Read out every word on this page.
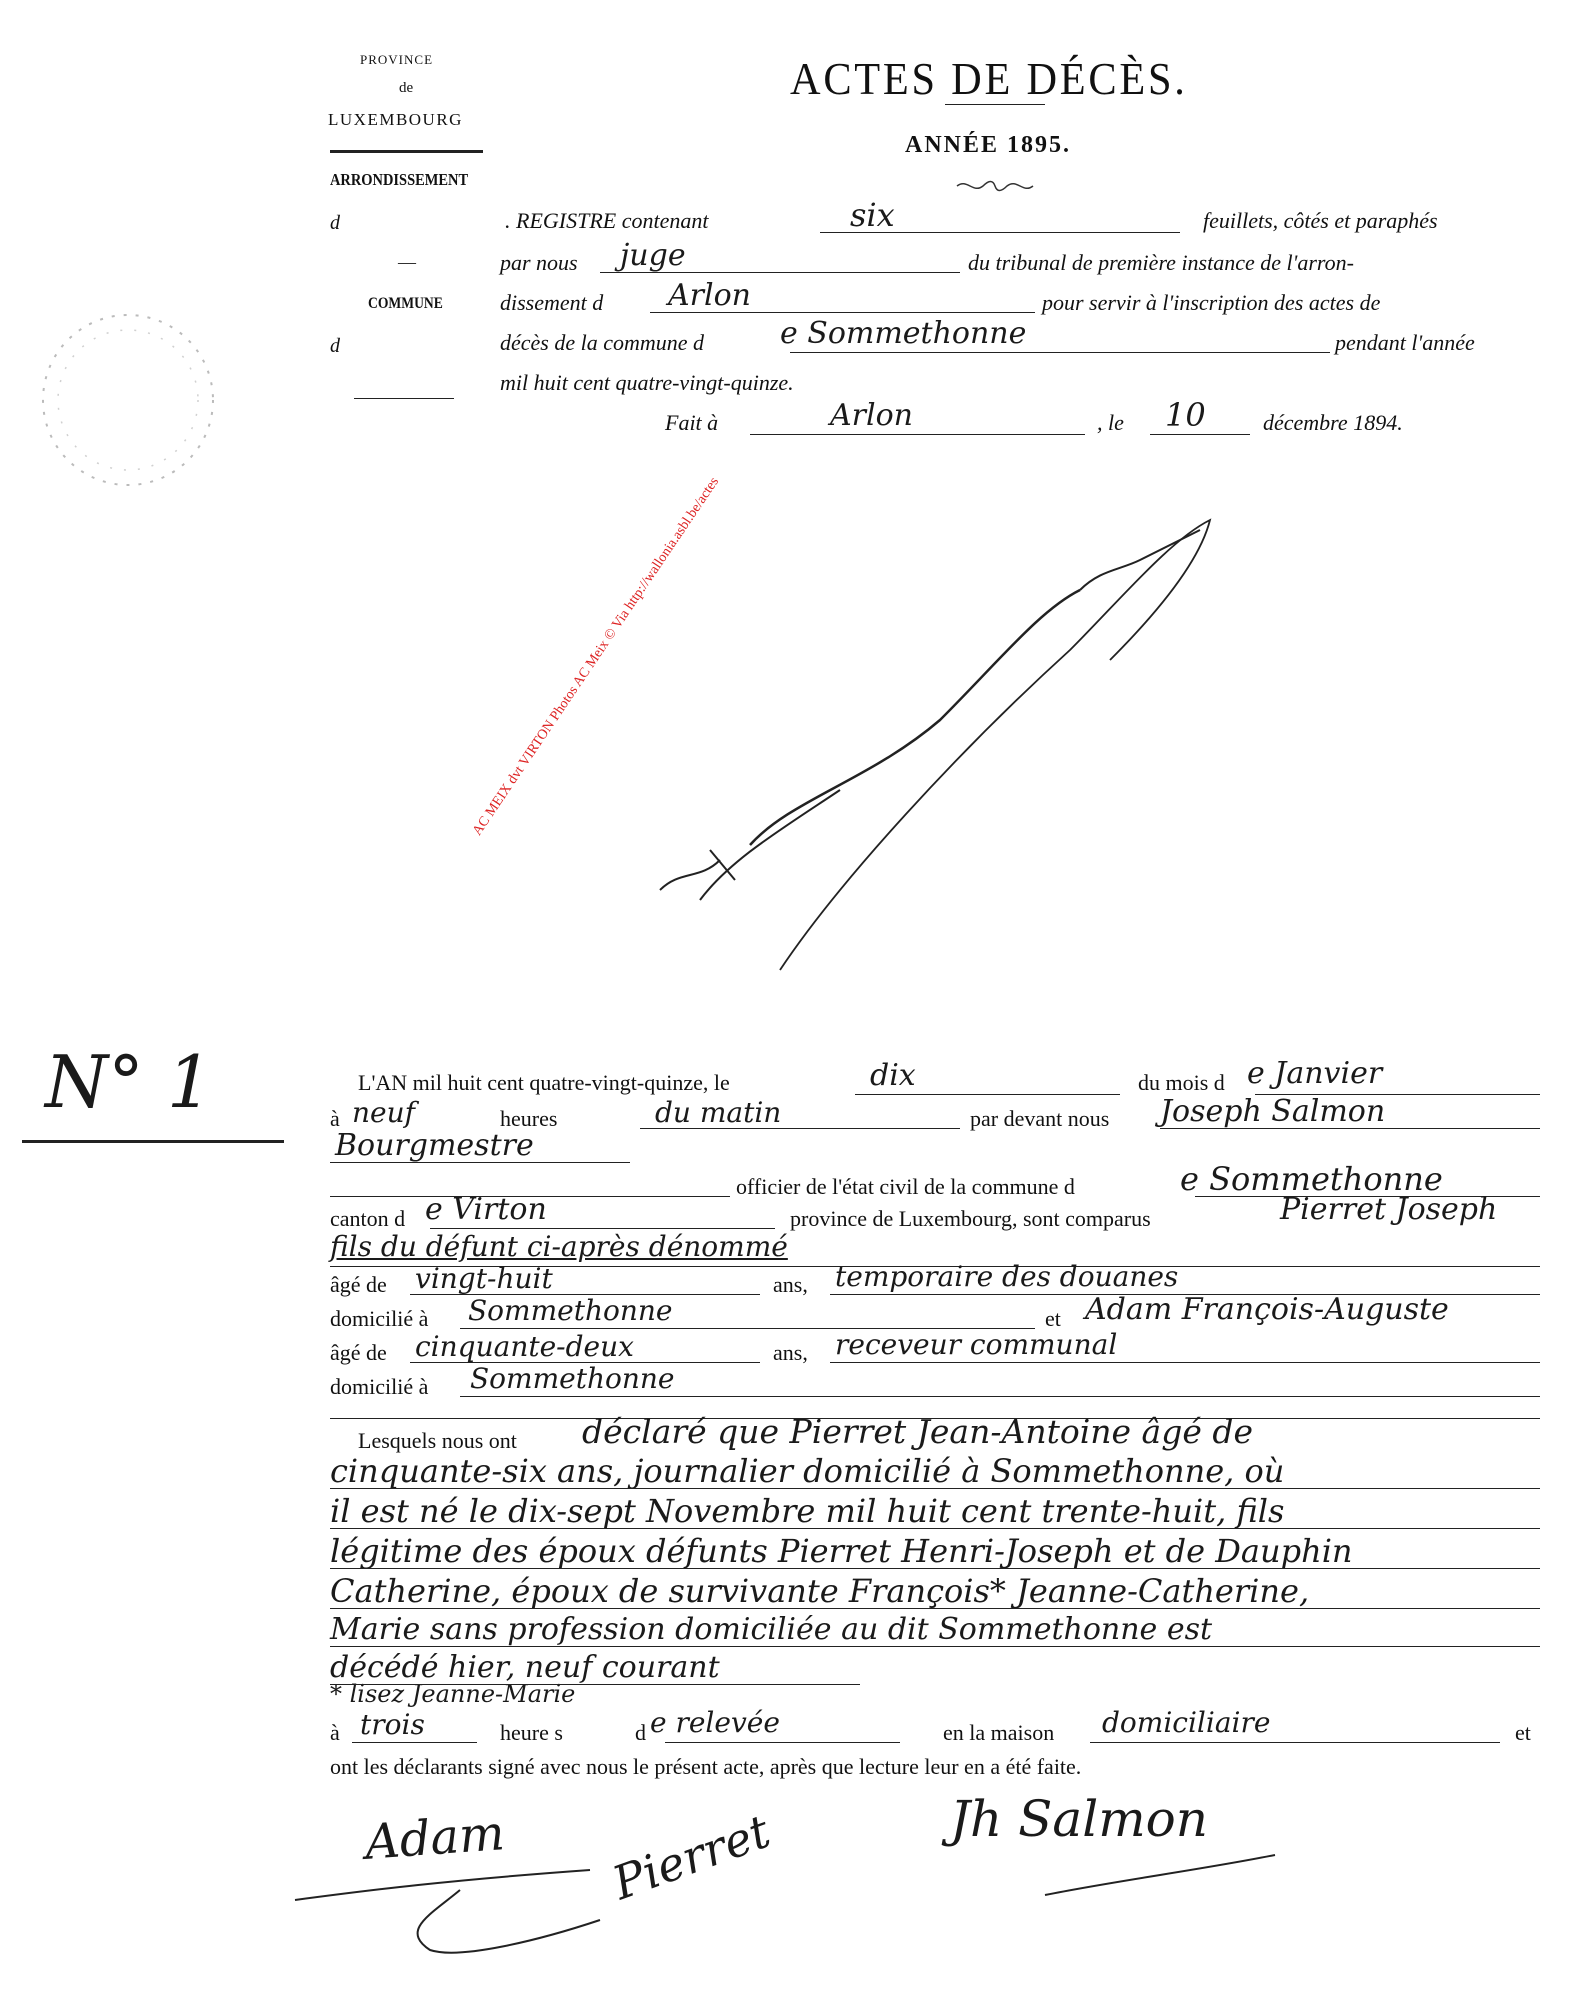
PROVINCE
de
LUXEMBOURG
ARRONDISSEMENT
d
—
COMMUNE
d
ACTES DE DÉCÈS.
ANNÉE 1895.
. REGISTRE contenant	six	feuillets, côtés et paraphés
par nous juge	du tribunal de première instance de l'arron-
dissement d Arlon	pour servir à l'inscription des actes de
décès de la commune d	e Sommethonne	pendant l'année
mil huit cent quatre-vingt-quinze.
Fait à	Arlon	, le 10	décembre 1894.
AC MEIX dvt VIRTON Photos AC Meix © Via http://wallonia.asbl.be/actes
N° 1	L'AN mil huit cent quatre-vingt-quinze, le	dix	du mois d e Janvier
à neuf	heures	du matin	par devant nous Joseph Salmon
Bourgmestre
officier de l'état civil de la commune d	e Sommethonne
canton d e Virton	province de Luxembourg, sont comparus	Pierret Joseph
fils du défunt ci-après dénommé
âgé de vingt-huit	ans, temporaire des douanes
domicilié à Sommethonne	et Adam François-Auguste
âgé de cinquante-deux	ans, receveur communal
domicilié à Sommethonne
Lesquels nous ont déclaré que Pierret Jean-Antoine âgé de
cinquante-six ans, journalier domicilié à Sommethonne, où
il est né le dix-sept Novembre mil huit cent trente-huit, fils
légitime des époux défunts Pierret Henri-Joseph et de Dauphin
Catherine, époux de survivante François* Jeanne-Catherine,
Marie sans profession domiciliée au dit Sommethonne est
décédé hier, neuf courant
* lisez Jeanne-Marie
à trois	heure s	d e relevée	en la maison domiciliaire	et
ont les déclarants signé avec nous le présent acte, après que lecture leur en a été faite.
Adam Pierret	Jh Salmon
